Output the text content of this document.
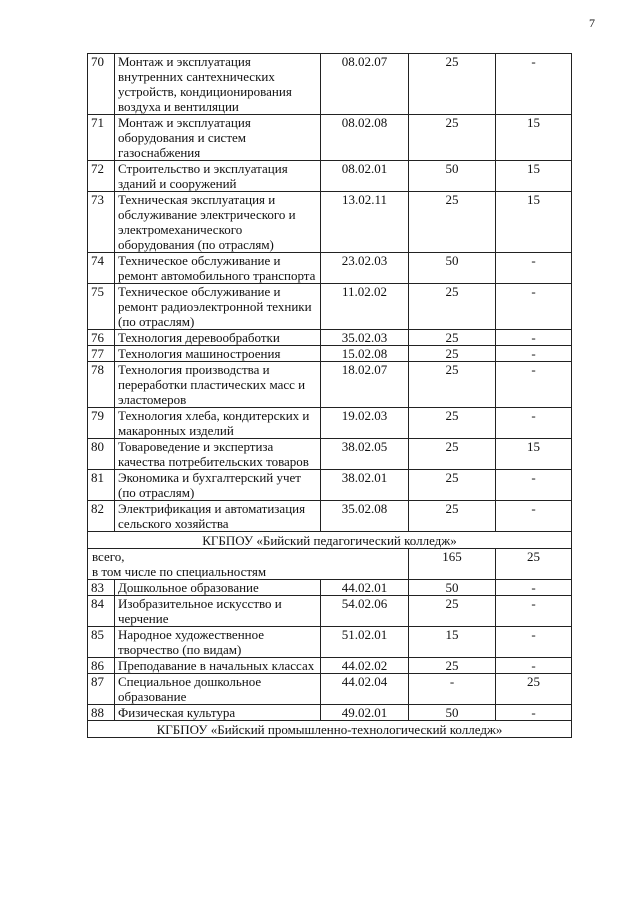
7
70	Монтаж и эксплуатация внутренних сантехнических устройств, кондиционирования воздуха и вентиляции	08.02.07	25	-
71	Монтаж и эксплуатация оборудования и систем газоснабжения	08.02.08	25	15
72	Строительство и эксплуатация зданий и сооружений	08.02.01	50	15
73	Техническая эксплуатация и обслуживание электрического и электромеханического оборудования (по отраслям)	13.02.11	25	15
74	Техническое обслуживание и ремонт автомобильного транспорта	23.02.03	50	-
75	Техническое обслуживание и ремонт радиоэлектронной техники (по отраслям)	11.02.02	25	-
76	Технология деревообработки	35.02.03	25	-
77	Технология машиностроения	15.02.08	25	-
78	Технология производства и переработки пластических масс и эластомеров	18.02.07	25	-
79	Технология хлеба, кондитерских и макаронных изделий	19.02.03	25	-
80	Товароведение и экспертиза качества потребительских товаров	38.02.05	25	15
81	Экономика и бухгалтерский учет (по отраслям)	38.02.01	25	-
82	Электрификация и автоматизация сельского хозяйства	35.02.08	25	-
КГБПОУ «Бийский педагогический колледж»				

всего,
в том числе по специальностям			165	25
83	Дошкольное образование	44.02.01	50	-
84	Изобразительное искусство и черчение	54.02.06	25	-
85	Народное художественное творчество (по видам)	51.02.01	15	-
86	Преподавание в начальных классах	44.02.02	25	-
87	Специальное дошкольное образование	44.02.04	-	25
88	Физическая культура	49.02.01	50	-
КГБПОУ «Бийский промышленно-технологический колледж»				
